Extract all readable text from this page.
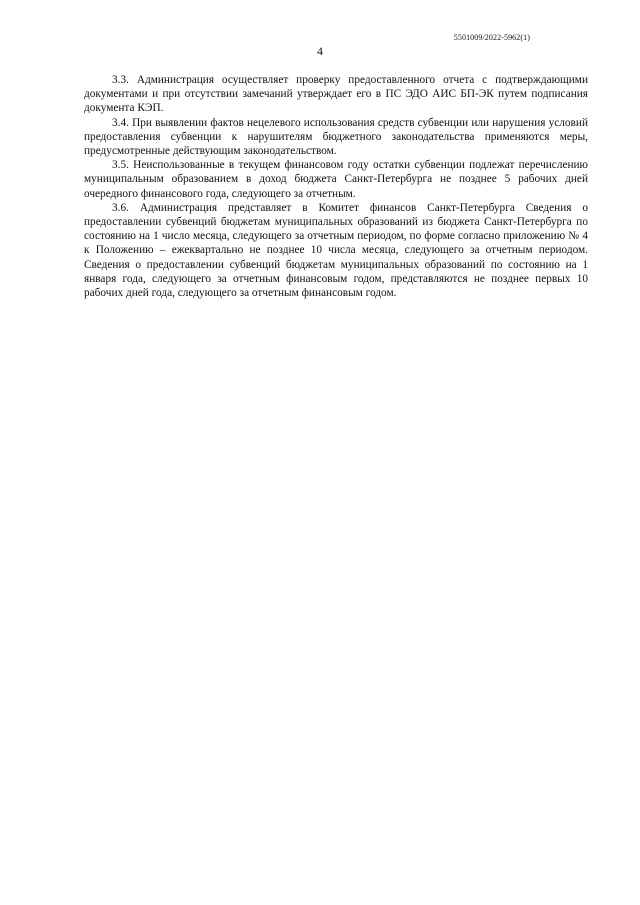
5501009/2022-5962(1)
4

3.3. Администрация осуществляет проверку предоставленного отчета с подтверждающими документами и при отсутствии замечаний утверждает его в ПС ЭДО АИС БП-ЭК путем подписания документа КЭП.

3.4. При выявлении фактов нецелевого использования средств субвенции или нарушения условий предоставления субвенции к нарушителям бюджетного законодательства применяются меры, предусмотренные действующим законодательством.

3.5. Неиспользованные в текущем финансовом году остатки субвенции подлежат перечислению муниципальным образованием в доход бюджета Санкт-Петербурга не позднее 5 рабочих дней очередного финансового года, следующего за отчетным.

3.6. Администрация представляет в Комитет финансов Санкт-Петербурга Сведения о предоставлении субвенций бюджетам муниципальных образований из бюджета Санкт-Петербурга по состоянию на 1 число месяца, следующего за отчетным периодом, по форме согласно приложению № 4 к Положению – ежеквартально не позднее 10 числа месяца, следующего за отчетным периодом. Сведения о предоставлении субвенций бюджетам муниципальных образований по состоянию на 1 января года, следующего за отчетным финансовым годом, представляются не позднее первых 10 рабочих дней года, следующего за отчетным финансовым годом.
